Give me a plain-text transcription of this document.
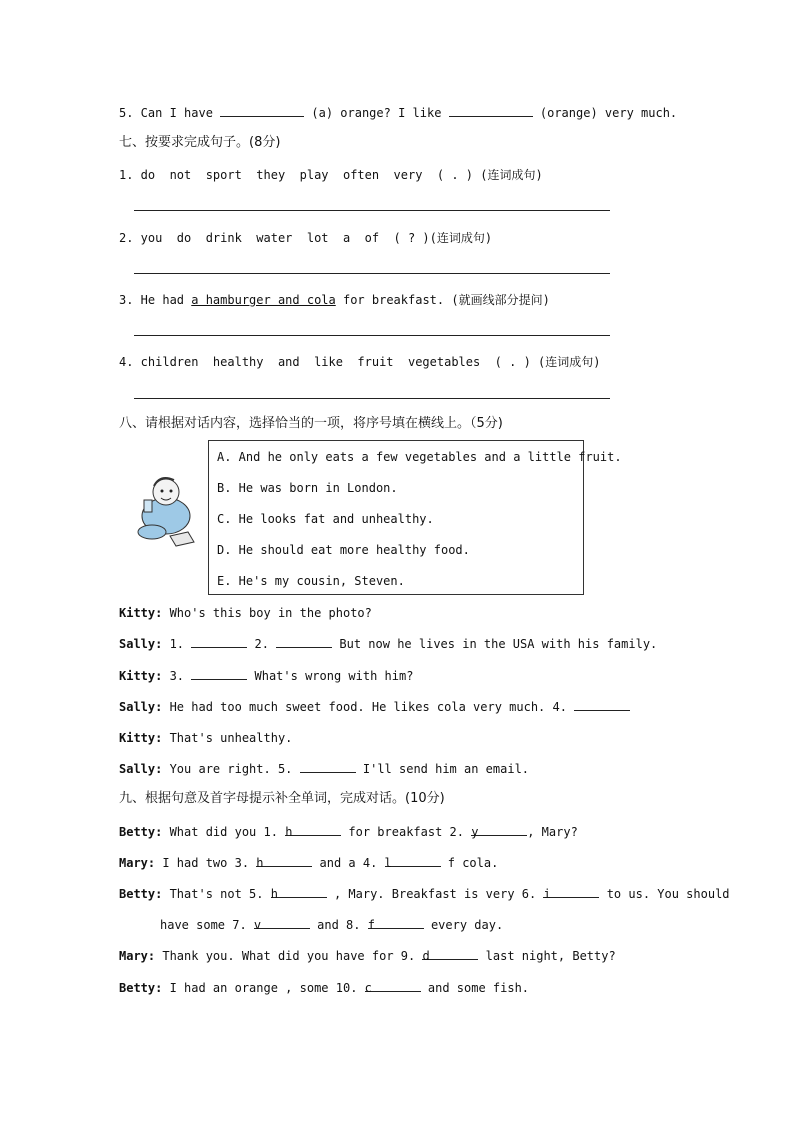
5. Can I have	(a) orange? I like	(orange) very much.
七、按要求完成句子。(8分)
1. do  not  sport  they  play  often  very  ( . ) (连词成句)
2. you  do  drink  water  lot  a  of  ( ? )(连词成句)
3. He had a hamburger and cola for breakfast. (就画线部分提问)
4. children  healthy  and  like  fruit  vegetables  ( . ) (连词成句)
八、请根据对话内容，选择恰当的一项，将序号填在横线上。（5分)
A. And he only eats a few vegetables and a little fruit.
B. He was born in London.
C. He looks fat and unhealthy.
D. He should eat more healthy food.
E. He's my cousin, Steven.
Kitty: Who's this boy in the photo?
Sally: 1.	2.	But now he lives in the USA with his family.
Kitty: 3.	What's wrong with him?
Sally: He had too much sweet food. He likes cola very much. 4.
Kitty: That's unhealthy.
Sally: You are right. 5.	I'll send him an email.
九、根据句意及首字母提示补全单词，完成对话。(10分)
Betty: What did you 1. h	for breakfast 2. y	, Mary?
Mary: I had two 3. h	and a 4. l	f cola.
Betty: That's not 5. h	, Mary. Breakfast is very 6. i	to us. You should
have some 7. v	and 8. f	every day.
Mary: Thank you. What did you have for 9. d	last night, Betty?
Betty: I had an orange , some 10. c	and some fish.
